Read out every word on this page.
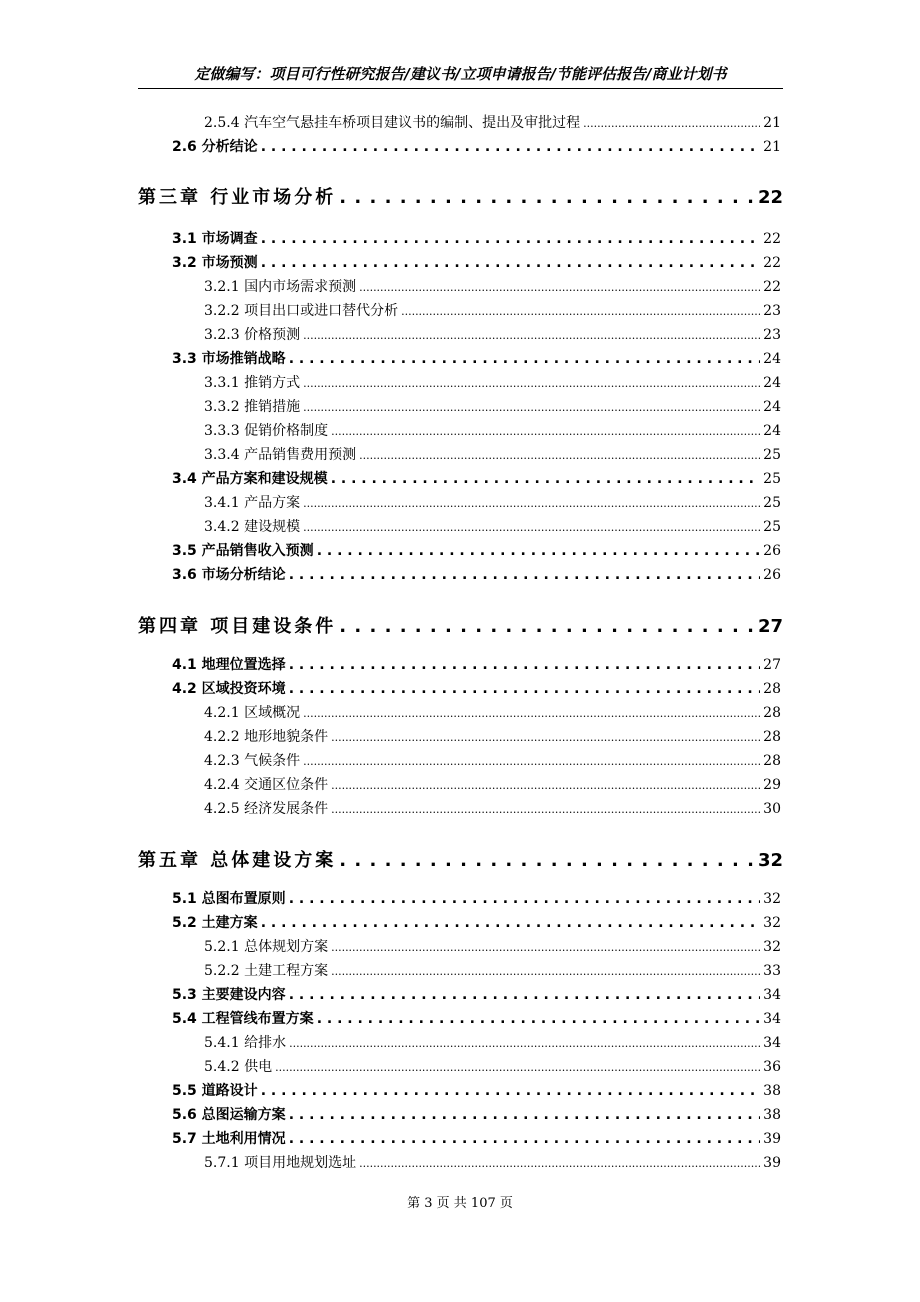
定做编写：项目可行性研究报告/建议书/立项申请报告/节能评估报告/商业计划书
2.5.4 汽车空气悬挂车桥项目建议书的编制、提出及审批过程 .....	21
2.6 分析结论 . . .	21
第三章 行业市场分析 . . .	22
3.1 市场调查 . . .	22
3.2 市场预测 . . .	22
3.2.1 国内市场需求预测 .....	22
3.2.2 项目出口或进口替代分析 .....	23
3.2.3 价格预测 .....	23
3.3 市场推销战略 . . .	24
3.3.1 推销方式 .....	24
3.3.2 推销措施 .....	24
3.3.3 促销价格制度 .....	24
3.3.4 产品销售费用预测 .....	25
3.4 产品方案和建设规模 . . .	25
3.4.1 产品方案 .....	25
3.4.2 建设规模 .....	25
3.5 产品销售收入预测 . . .	26
3.6 市场分析结论 . . .	26
第四章 项目建设条件 . . .	27
4.1 地理位置选择 . . .	27
4.2 区域投资环境 . . .	28
4.2.1 区域概况 .....	28
4.2.2 地形地貌条件 .....	28
4.2.3 气候条件 .....	28
4.2.4 交通区位条件 .....	29
4.2.5 经济发展条件 .....	30
第五章 总体建设方案 . . .	32
5.1 总图布置原则 . . .	32
5.2 土建方案 . . .	32
5.2.1 总体规划方案 .....	32
5.2.2 土建工程方案 .....	33
5.3 主要建设内容 . . .	34
5.4 工程管线布置方案 . . .	34
5.4.1 给排水 .....	34
5.4.2 供电 .....	36
5.5 道路设计 . . .	38
5.6 总图运输方案 . . .	38
5.7 土地利用情况 . . .	39
5.7.1 项目用地规划选址 .....	39
第 3 页 共 107 页
